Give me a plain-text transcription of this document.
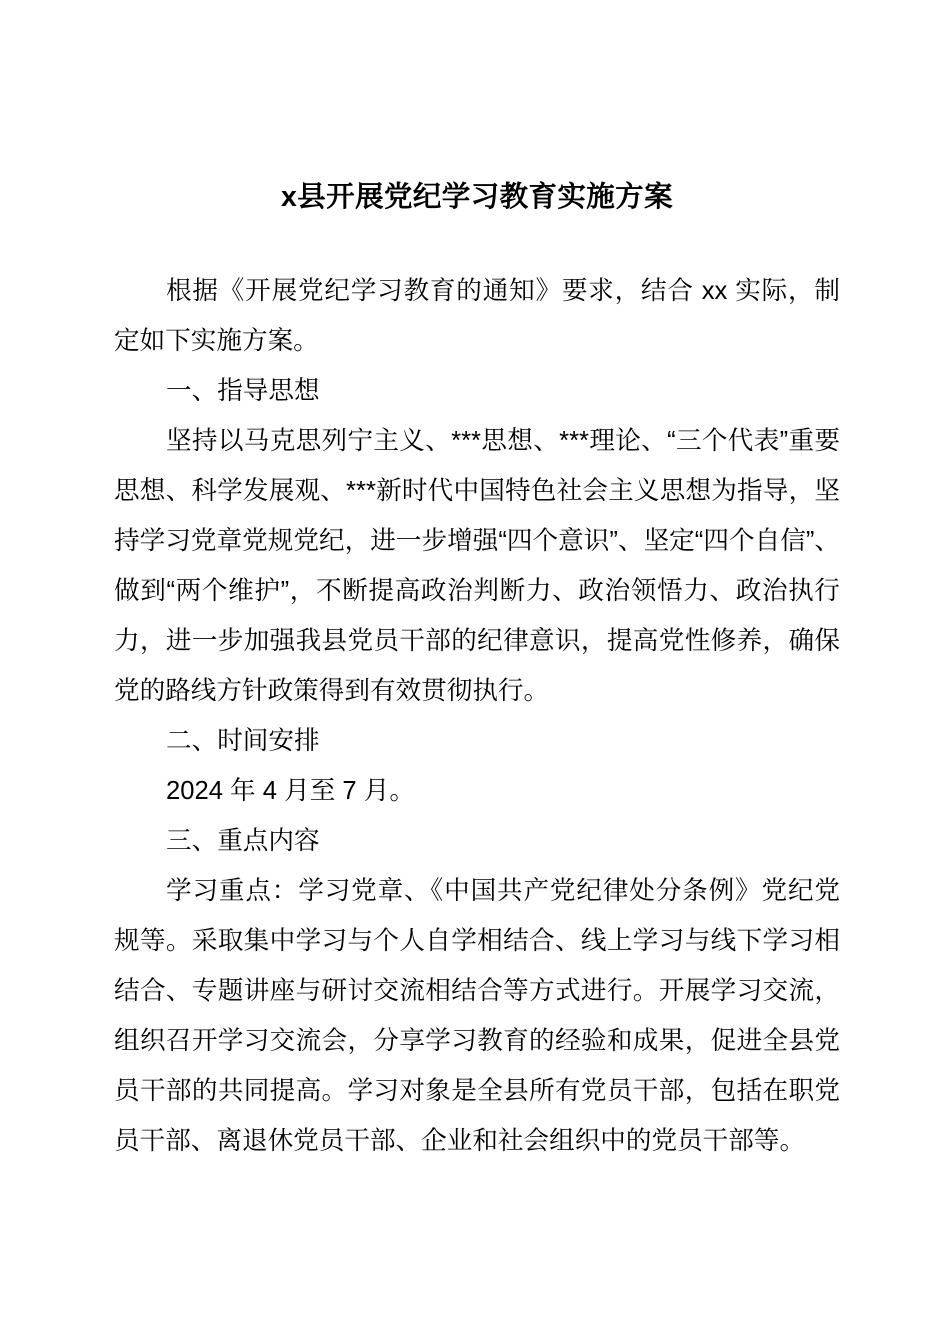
x县开展党纪学习教育实施方案

根据《开展党纪学习教育的通知》要求，结合 xx 实际，制定如下实施方案。

一、指导思想

坚持以马克思列宁主义、***思想、***理论、“三个代表”重要思想、科学发展观、***新时代中国特色社会主义思想为指导，坚持学习党章党规党纪，进一步增强“四个意识”、坚定“四个自信”、做到“两个维护”，不断提高政治判断力、政治领悟力、政治执行力，进一步加强我县党员干部的纪律意识，提高党性修养，确保党的路线方针政策得到有效贯彻执行。

二、时间安排

2024 年 4 月至 7 月。

三、重点内容

学习重点：学习党章、《中国共产党纪律处分条例》党纪党规等。采取集中学习与个人自学相结合、线上学习与线下学习相结合、专题讲座与研讨交流相结合等方式进行。开展学习交流，组织召开学习交流会，分享学习教育的经验和成果，促进全县党员干部的共同提高。学习对象是全县所有党员干部，包括在职党员干部、离退休党员干部、企业和社会组织中的党员干部等。
